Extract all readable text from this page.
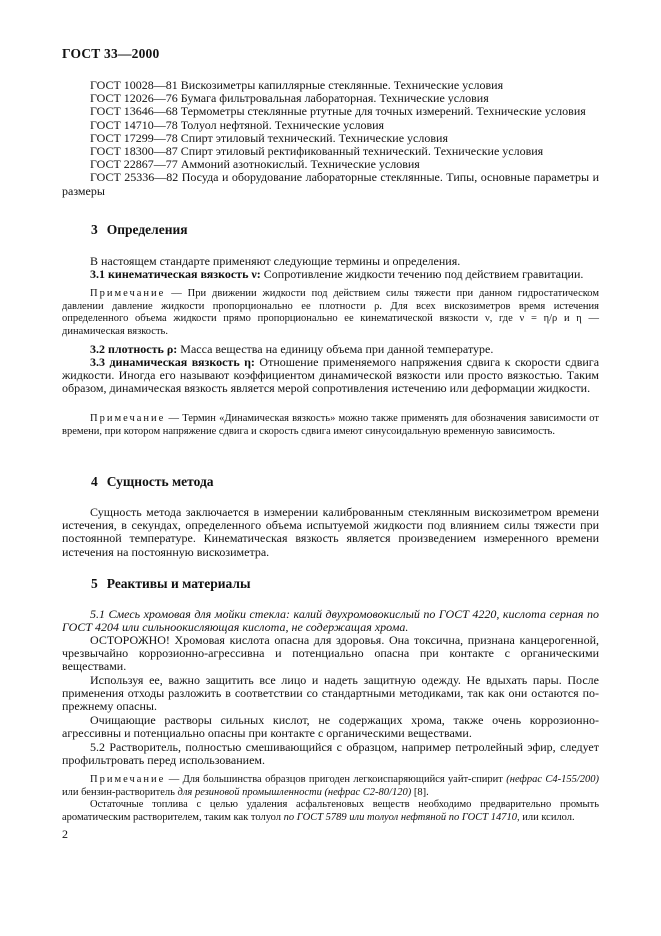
ГОСТ 33—2000

ГОСТ 10028—81 Вискозиметры капиллярные стеклянные. Технические условия

ГОСТ 12026—76 Бумага фильтровальная лабораторная. Технические условия

ГОСТ 13646—68 Термометры стеклянные ртутные для точных измерений. Технические условия

ГОСТ 14710—78 Толуол нефтяной. Технические условия

ГОСТ 17299—78 Спирт этиловый технический. Технические условия

ГОСТ 18300—87 Спирт этиловый ректификованный технический. Технические условия

ГОСТ 22867—77 Аммоний азотнокислый. Технические условия

ГОСТ 25336—82 Посуда и оборудование лабораторные стеклянные. Типы, основные параметры и размеры

3 Определения

В настоящем стандарте применяют следующие термины и определения.

3.1 кинематическая вязкость ν: Сопротивление жидкости течению под действием гравитации.

Примечание — При движении жидкости под действием силы тяжести при данном гидростатическом давлении давление жидкости пропорционально ее плотности ρ. Для всех вискозиметров время истечения определенного объема жидкости прямо пропорционально ее кинематической вязкости ν, где ν = η/ρ и η — динамическая вязкость.

3.2 плотность ρ: Масса вещества на единицу объема при данной температуре.

3.3 динамическая вязкость η: Отношение применяемого напряжения сдвига к скорости сдвига жидкости. Иногда его называют коэффициентом динамической вязкости или просто вязкостью. Таким образом, динамическая вязкость является мерой сопротивления истечению или деформации жидкости.

Примечание — Термин «Динамическая вязкость» можно также применять для обозначения зависимости от времени, при котором напряжение сдвига и скорость сдвига имеют синусоидальную временную зависимость.

4 Сущность метода

Сущность метода заключается в измерении калиброванным стеклянным вискозиметром времени истечения, в секундах, определенного объема испытуемой жидкости под влиянием силы тяжести при постоянной температуре. Кинематическая вязкость является произведением измеренного времени истечения на постоянную вискозиметра.

5 Реактивы и материалы

5.1 Смесь хромовая для мойки стекла: калий двухромовокислый по ГОСТ 4220, кислота серная по ГОСТ 4204 или сильноокисляющая кислота, не содержащая хрома.

ОСТОРОЖНО! Хромовая кислота опасна для здоровья. Она токсична, признана канцерогенной, чрезвычайно коррозионно-агрессивна и потенциально опасна при контакте с органическими веществами.

Используя ее, важно защитить все лицо и надеть защитную одежду. Не вдыхать пары. После применения отходы разложить в соответствии со стандартными методиками, так как они остаются по-прежнему опасны.

Очищающие растворы сильных кислот, не содержащих хрома, также очень коррозионно-агрессивны и потенциально опасны при контакте с органическими веществами.

5.2 Растворитель, полностью смешивающийся с образцом, например петролейный эфир, следует профильтровать перед использованием.

Примечание — Для большинства образцов пригоден легкоиспаряющийся уайт-спирит (нефрас С4-155/200) или бензин-растворитель для резиновой промышленности (нефрас С2-80/120) [8].

Остаточные топлива с целью удаления асфальтеновых веществ необходимо предварительно промыть ароматическим растворителем, таким как толуол по ГОСТ 5789 или толуол нефтяной по ГОСТ 14710, или ксилол.

2
